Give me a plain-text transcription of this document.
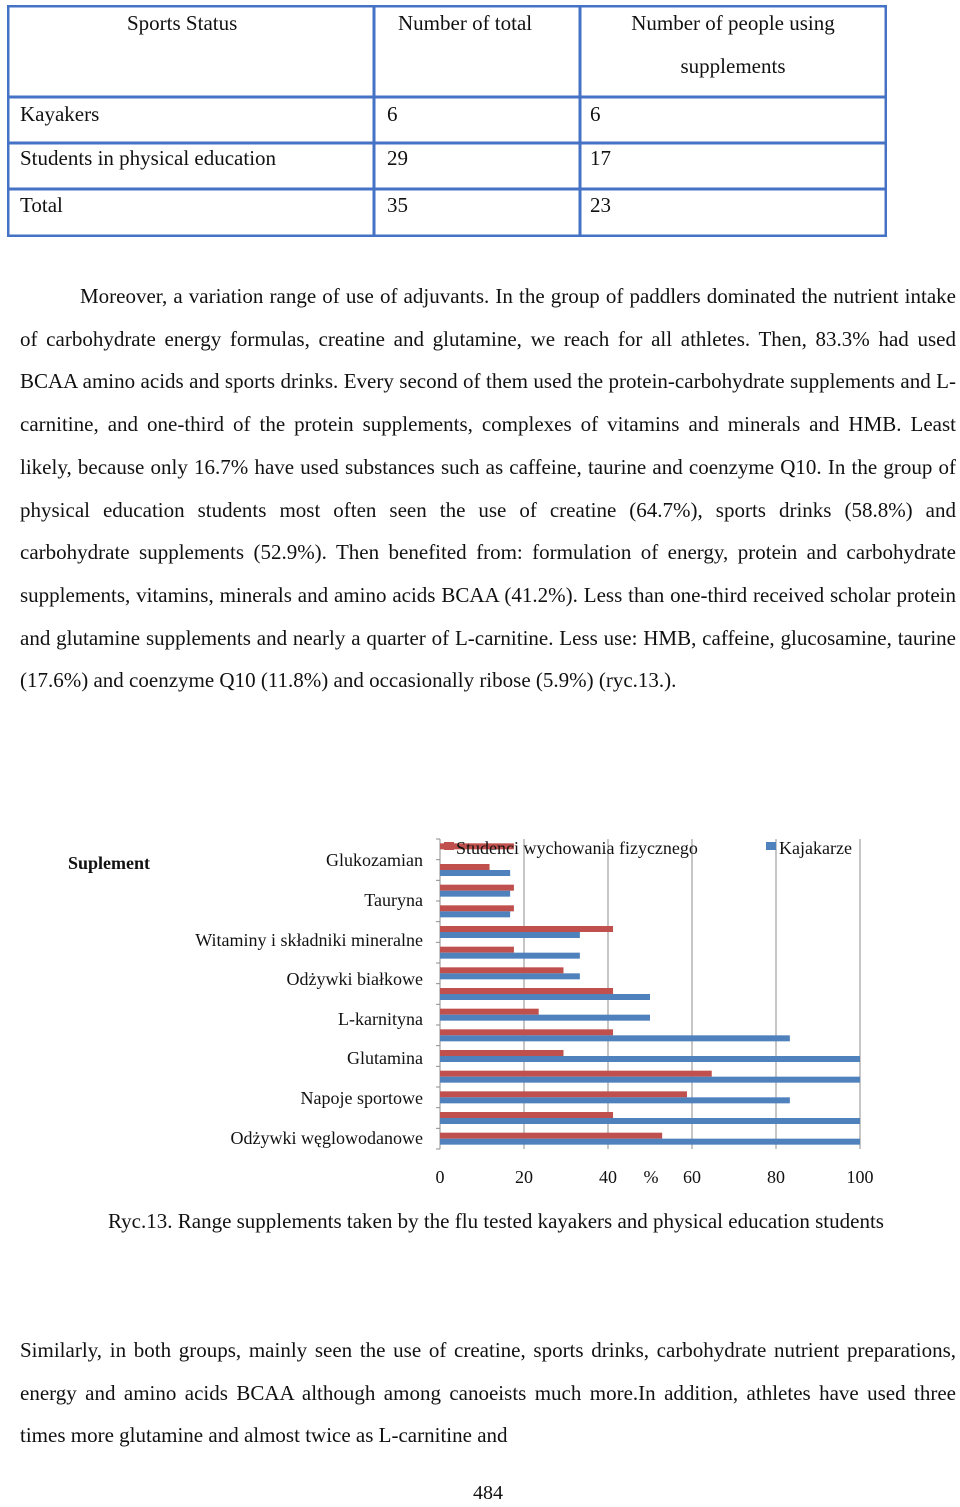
Sports Status	Number of total	Number of people using supplements
Kayakers	6	6
Students in physical education	29	17
Total	35	23

Moreover, a variation range of use of adjuvants. In the group of paddlers dominated the nutrient intake of carbohydrate energy formulas, creatine and glutamine, we reach for all athletes. Then, 83.3% had used BCAA amino acids and sports drinks. Every second of them used the protein-carbohydrate supplements and L-carnitine, and one-third of the protein supplements, complexes of vitamins and minerals and HMB. Least likely, because only 16.7% have used substances such as caffeine, taurine and coenzyme Q10. In the group of physical education students most often seen the use of creatine (64.7%), sports drinks (58.8%) and carbohydrate supplements (52.9%). Then benefited from: formulation of energy, protein and carbohydrate supplements, vitamins, minerals and amino acids BCAA (41.2%). Less than one-third received scholar protein and glutamine supplements and nearly a quarter of L-carnitine. Less use: HMB, caffeine, glucosamine, taurine (17.6%) and coenzyme Q10 (11.8%) and occasionally ribose (5.9%) (ryc.13.).

0	20	40	60	80	100
%
Glukozamian
Tauryna
Witaminy i składniki mineralne
Odżywki białkowe
L-karnityna
Glutamina
Napoje sportowe
Odżywki węglowodanowe
Suplement
Studenci wychowania fizycznego	Kajakarze

Ryc.13. Range supplements taken by the flu tested kayakers and physical education students

Similarly, in both groups, mainly seen the use of creatine, sports drinks, carbohydrate nutrient preparations, energy and amino acids BCAA although among canoeists much more.In addition, athletes have used three times more glutamine and almost twice as L-carnitine and

484
